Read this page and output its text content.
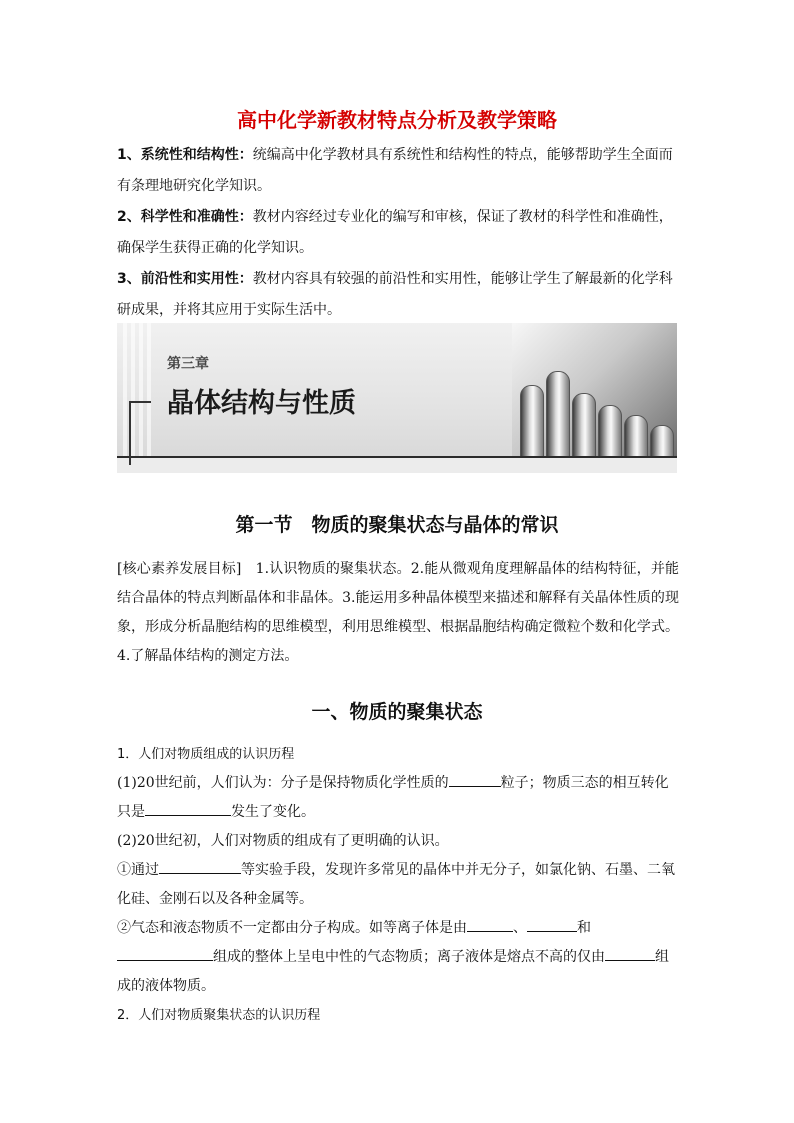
高中化学新教材特点分析及教学策略

1、系统性和结构性：统编高中化学教材具有系统性和结构性的特点，能够帮助学生全面而有条理地研究化学知识。

2、科学性和准确性：教材内容经过专业化的编写和审核，保证了教材的科学性和准确性，确保学生获得正确的化学知识。

3、前沿性和实用性：教材内容具有较强的前沿性和实用性，能够让学生了解最新的化学科研成果，并将其应用于实际生活中。

第三章
晶体结构与性质
第一节　物质的聚集状态与晶体的常识

[核心素养发展目标]　1.认识物质的聚集状态。2.能从微观角度理解晶体的结构特征，并能结合晶体的特点判断晶体和非晶体。3.能运用多种晶体模型来描述和解释有关晶体性质的现象，形成分析晶胞结构的思维模型，利用思维模型、根据晶胞结构确定微粒个数和化学式。4.了解晶体结构的测定方法。

一、物质的聚集状态

1．人们对物质组成的认识历程

(1)20世纪前，人们认为：分子是保持物质化学性质的	粒子；物质三态的相互转化只是	发生了变化。

(2)20世纪初，人们对物质的组成有了更明确的认识。

①通过	等实验手段，发现许多常见的晶体中并无分子，如氯化钠、石墨、二氧化硅、金刚石以及各种金属等。

②气态和液态物质不一定都由分子构成。如等离子体是由	、	和组成的整体上呈电中性的气态物质；离子液体是熔点不高的仅由	组成的液体物质。

2．人们对物质聚集状态的认识历程
